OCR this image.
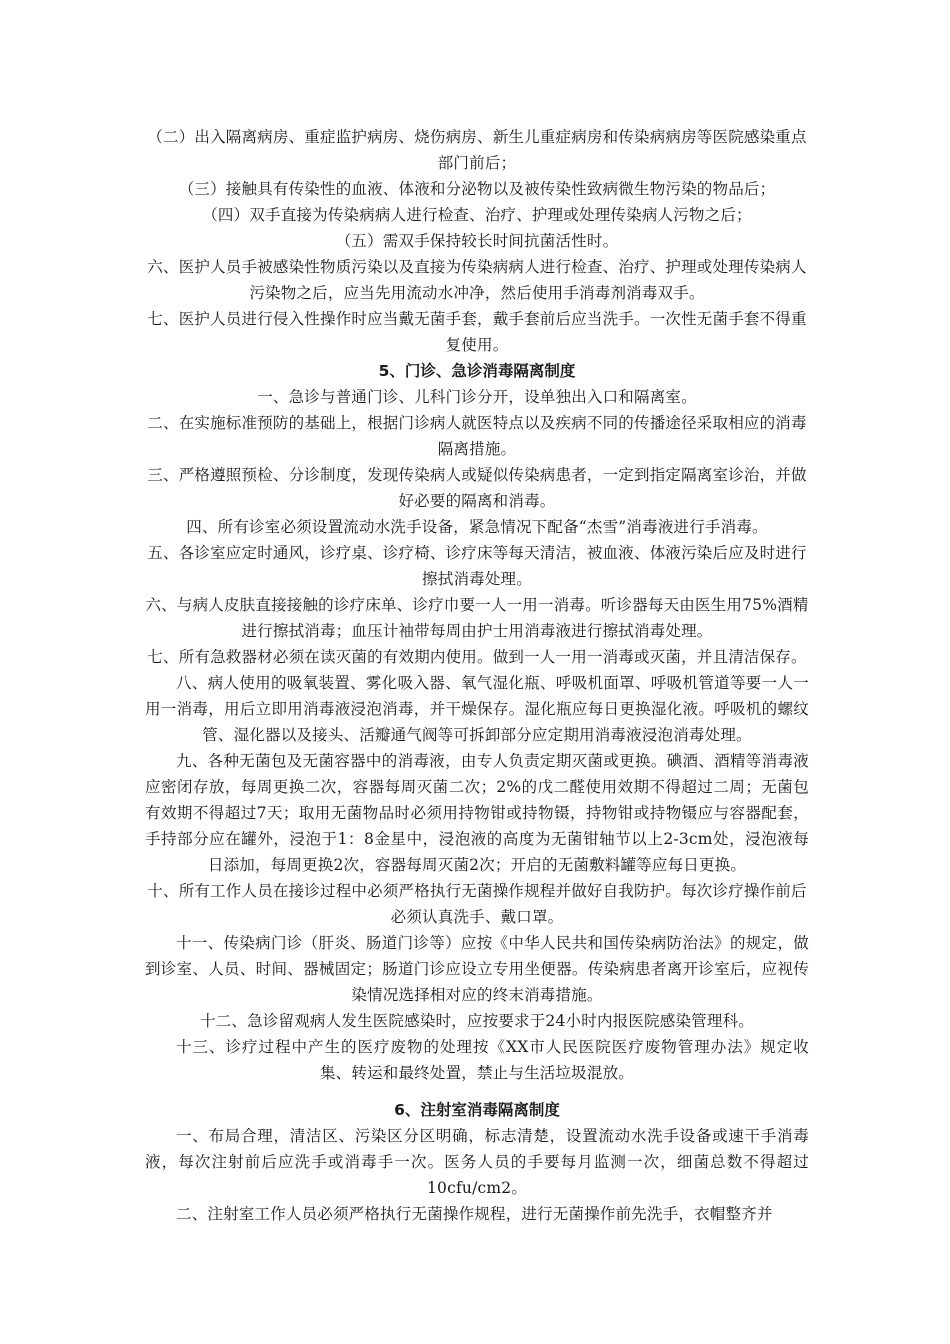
（二）出入隔离病房、重症监护病房、烧伤病房、新生儿重症病房和传染病病房等医院感染重点部门前后；

（三）接触具有传染性的血液、体液和分泌物以及被传染性致病微生物污染的物品后；

（四）双手直接为传染病病人进行检查、治疗、护理或处理传染病人污物之后；

（五）需双手保持较长时间抗菌活性时。

六、医护人员手被感染性物质污染以及直接为传染病病人进行检查、治疗、护理或处理传染病人污染物之后，应当先用流动水冲净，然后使用手消毒剂消毒双手。

七、医护人员进行侵入性操作时应当戴无菌手套，戴手套前后应当洗手。一次性无菌手套不得重复使用。

5、门诊、急诊消毒隔离制度

一、急诊与普通门诊、儿科门诊分开，设单独出入口和隔离室。

二、在实施标准预防的基础上，根据门诊病人就医特点以及疾病不同的传播途径采取相应的消毒隔离措施。

三、严格遵照预检、分诊制度，发现传染病人或疑似传染病患者，一定到指定隔离室诊治，并做好必要的隔离和消毒。

四、所有诊室必须设置流动水洗手设备，紧急情况下配备“杰雪”消毒液进行手消毒。

五、各诊室应定时通风，诊疗桌、诊疗椅、诊疗床等每天清洁，被血液、体液污染后应及时进行擦拭消毒处理。

六、与病人皮肤直接接触的诊疗床单、诊疗巾要一人一用一消毒。听诊器每天由医生用75%酒精进行擦拭消毒；血压计袖带每周由护士用消毒液进行擦拭消毒处理。

七、所有急救器材必须在读灭菌的有效期内使用。做到一人一用一消毒或灭菌，并且清洁保存。

八、病人使用的吸氧装置、雾化吸入器、氧气湿化瓶、呼吸机面罩、呼吸机管道等要一人一用一消毒，用后立即用消毒液浸泡消毒，并干燥保存。湿化瓶应每日更换湿化液。呼吸机的螺纹管、湿化器以及接头、活瓣通气阀等可拆卸部分应定期用消毒液浸泡消毒处理。

九、各种无菌包及无菌容器中的消毒液，由专人负责定期灭菌或更换。碘酒、酒精等消毒液应密闭存放，每周更换二次，容器每周灭菌二次；2%的戊二醛使用效期不得超过二周；无菌包有效期不得超过7天；取用无菌物品时必须用持物钳或持物镊，持物钳或持物镊应与容器配套，手持部分应在罐外，浸泡于1：8金星中，浸泡液的高度为无菌钳轴节以上2-3cm处，浸泡液每日添加，每周更换2次，容器每周灭菌2次；开启的无菌敷料罐等应每日更换。

十、所有工作人员在接诊过程中必须严格执行无菌操作规程并做好自我防护。每次诊疗操作前后必须认真洗手、戴口罩。

十一、传染病门诊（肝炎、肠道门诊等）应按《中华人民共和国传染病防治法》的规定，做到诊室、人员、时间、器械固定；肠道门诊应设立专用坐便器。传染病患者离开诊室后，应视传染情况选择相对应的终末消毒措施。

十二、急诊留观病人发生医院感染时，应按要求于24小时内报医院感染管理科。

十三、诊疗过程中产生的医疗废物的处理按《XX市人民医院医疗废物管理办法》规定收集、转运和最终处置，禁止与生活垃圾混放。

6、注射室消毒隔离制度

一、布局合理，清洁区、污染区分区明确，标志清楚，设置流动水洗手设备或速干手消毒液，每次注射前后应洗手或消毒手一次。医务人员的手要每月监测一次，细菌总数不得超过10cfu/cm2。

二、注射室工作人员必须严格执行无菌操作规程，进行无菌操作前先洗手，衣帽整齐并
